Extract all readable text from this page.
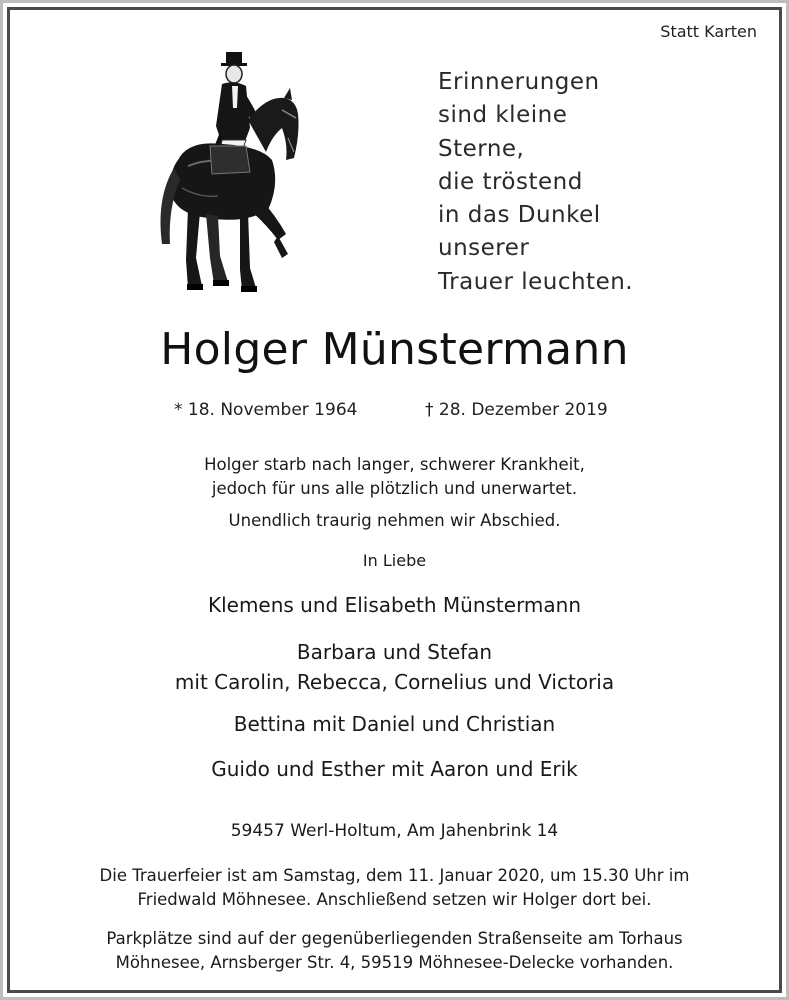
Statt Karten
Erinnerungen
sind kleine
Sterne,
die tröstend
in das Dunkel
unserer
Trauer leuchten.
Holger Münstermann
* 18. November 1964	† 28. Dezember 2019
Holger starb nach langer, schwerer Krankheit,
jedoch für uns alle plötzlich und unerwartet.
Unendlich traurig nehmen wir Abschied.
In Liebe
Klemens und Elisabeth Münstermann
Barbara und Stefan
mit Carolin, Rebecca, Cornelius und Victoria
Bettina mit Daniel und Christian
Guido und Esther mit Aaron und Erik
59457 Werl-Holtum, Am Jahenbrink 14
Die Trauerfeier ist am Samstag, dem 11. Januar 2020, um 15.30 Uhr im
Friedwald Möhnesee. Anschließend setzen wir Holger dort bei.
Parkplätze sind auf der gegenüberliegenden Straßenseite am Torhaus
Möhnesee, Arnsberger Str. 4, 59519 Möhnesee-Delecke vorhanden.
